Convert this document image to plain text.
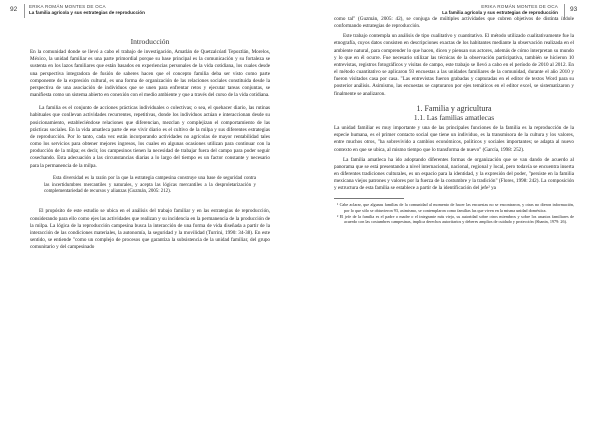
92	ERIKA ROMÁN MONTES DE OCA
La familia agrícola y sus estrategias de reproducción
Introducción

En la comunidad donde se llevó a cabo el trabajo de investigación, Amatlán de Quetzalcóatl Tepoztlán, Morelos, México, la unidad familiar es una parte primordial porque su base principal es la comunicación y su fortaleza se sustenta en los lazos familiares que están basados en experiencias personales de la vida cotidiana, los cuales desde una perspectiva integradora de fusión de saberes hacen que el concepto familia deba ser visto como parte componente de la expresión cultural, es una forma de organización de las relaciones sociales constituida desde la perspectiva de una asociación de individuos que se unen para enfrentar retos y ejecutar tareas conjuntas, se manifiesta como un sistema abierto en conexión con el medio ambiente y que a través del curso de la vida cotidiana.

La familia es el conjunto de acciones prácticas individuales o colectivas; o sea, el quehacer diario, las rutinas habituales que conllevan actividades recurrentes, repetitivas, donde los individuos actúan e interaccionan desde su posicionamiento, estableciéndose relaciones que diferencian, mezclan y complejizan el comportamiento de las prácticas sociales. En la vida amatleca parte de ese vivir diario es el cultivo de la milpa y sus diferentes estrategias de reproducción. Por lo tanto, cada vez están incorporando actividades no agrícolas de mayor rentabilidad tales como los servicios para obtener mejores ingresos, los cuales en algunas ocasiones utilizan para continuar con la producción de la milpa; es decir, los campesinos tienen la necesidad de trabajar fuera del campo para poder seguir cosechando. Esta adecuación a las circunstancias diarias a lo largo del tiempo es un factor constante y necesario para la permanencia de la milpa.

Esta diversidad es la razón por la que la estrategia campesina construye una base de seguridad contra las incertidumbres mercantiles y naturales, y acepta las lógicas mercantiles a la desproletarización y complementariedad de recursos y alianzas (Guzmán, 2005: 212).

El propósito de este estudio se ubica en el análisis del trabajo familiar y en las estrategias de reproducción, considerando para ello como ejes las actividades que realizan y su incidencia en la permanencia de la producción de la milpa. La lógica de la reproducción campesina busca la interacción de una forma de vida diseñada a partir de la interacción de las condiciones materiales, la autonomía, la seguridad y la movilidad (Turrini, 1990: 34-38). En este sentido, se entiende "como un complejo de procesos que garantiza la subsistencia de la unidad familiar, del grupo comunitario y del campesinado

ERIKA ROMÁN MONTES DE OCA
La familia agrícola y sus estrategias de reproducción 93

como tal" (Guzmán, 2005: 42), se conjuga de múltiples actividades que cubren objetivos de distinta índole conformando estrategias de reproducción.

Este trabajo contempla un análisis de tipo cualitativo y cuantitativo. El método utilizado cualitativamente fue la etnografía, cuyos datos consisten en descripciones exactas de los habitantes mediante la observación realizada en el ambiente natural, para comprender lo que hacen, dicen y piensan sus actores, además de cómo interpretan su mundo y lo que en él ocurre. Fue necesario utilizar las técnicas de la observación participativa, también se hicieron 10 entrevistas, registros fotográficos y visitas de campo, este trabajo se llevó a cabo en el período de 2010 al 2012. En el método cuantitativo se aplicaron 93 encuestas a las unidades familiares de la comunidad, durante el año 2010 y fueron visitados casa por casa. "Las entrevistas fueron grabadas y capturadas en el editor de textos Word para su posterior análisis. Asimismo, las encuestas se capturaron por ejes temáticos en el editor excel, se sistematizaron y finalmente se analizaron.

1. Familia y agricultura
1.1. Las familias amatlecas

La unidad familiar es muy importante y una de las principales funciones de la familia es la reproducción de la especie humana, es el primer contacto social que tiene un individuo, es la transmisora de la cultura y los valores, entre muchos otros, "ha sobrevivido a cambios económicos, políticos y sociales importantes; se adapta al nuevo contexto en que se ubica, al mismo tiempo que lo transforma de nuevo" (García, 1998: 252).

La familia amatleca ha ido adoptando diferentes formas de organización que se van dando de acuerdo al panorama que se está presentando a nivel internacional, nacional, regional y local, pero todavía se encuentra inserta en diferentes tradiciones culturales, es un espacio para la identidad, y la expresión del poder, "persiste en la familia mexicana viejos patrones y valores por la fuerza de la costumbre y la tradición" (Flores, 1998: 242). La composición y estructura de esta familia se establece a partir de la identificación del jefe² ya

¹ Cabe aclarar, que algunas familias de la comunidad al momento de hacer las encuestas no se encontraron, y otras no dieron información, por lo que sólo se obtuvieron 93, asimismo, se contemplaron como familias las que viven en la misma unidad doméstica.

² El jefe de la familia es el padre o madre o el integrante más viejo, su autoridad sobre otros miembros y sobre los asuntos familiares de acuerdo con las costumbres campesinas, implica derechos autoritarios y deberes amplios de cuidado y protección (Shanin, 1979: 26).
